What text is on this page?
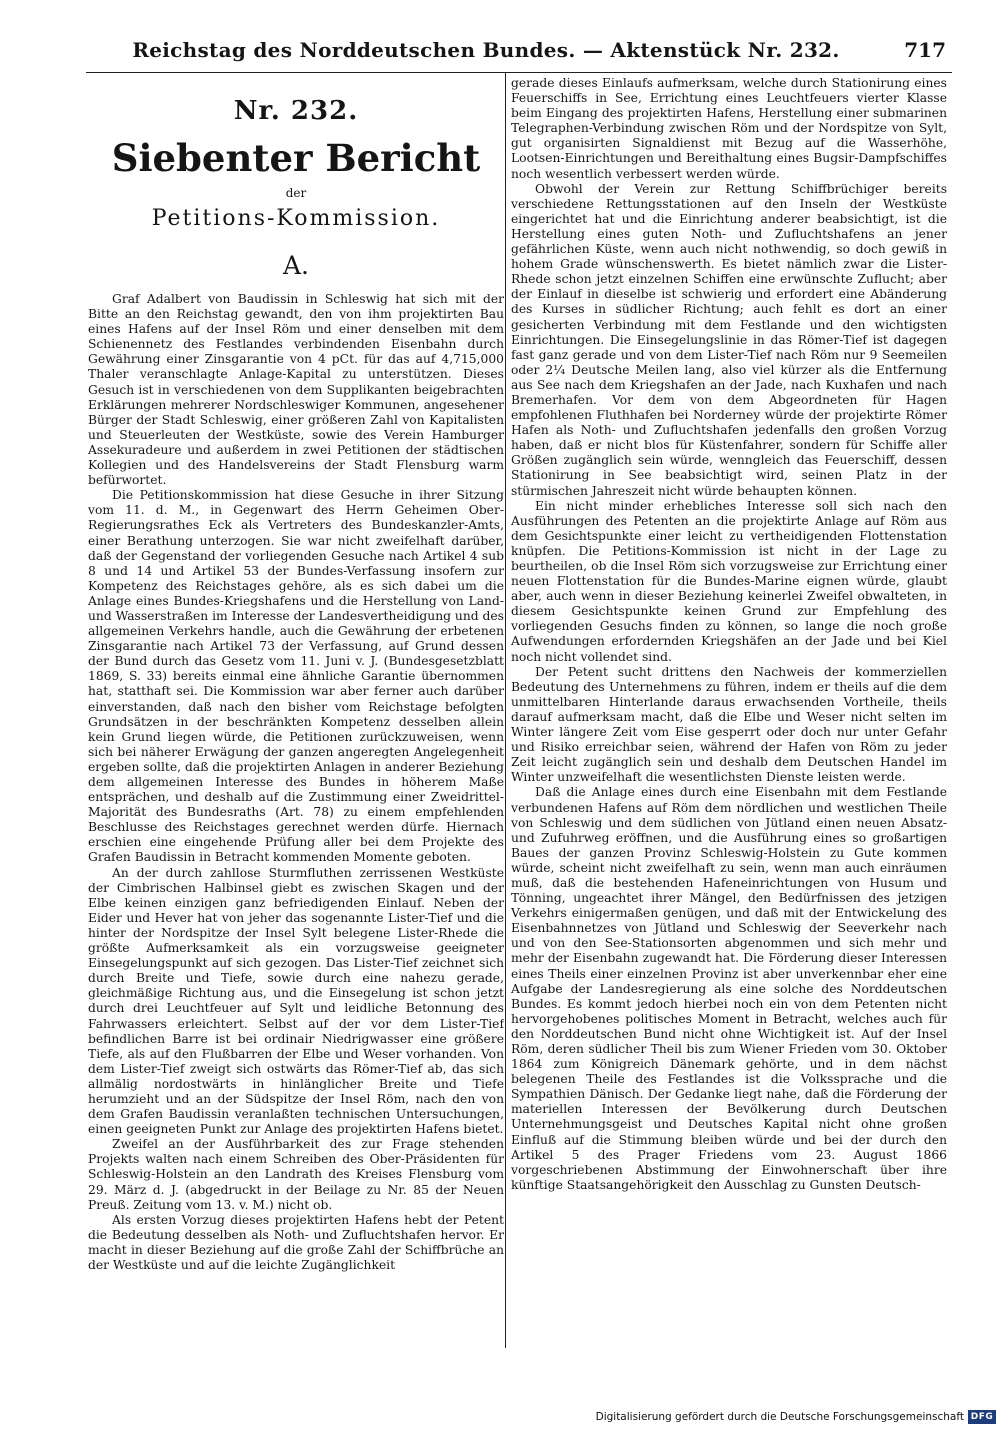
Reichstag des Norddeutschen Bundes. — Aktenstück Nr. 232.	717
Nr. 232.
Siebenter Bericht
der
Petitions-Kommission.
A.

Graf Adalbert von Baudissin in Schleswig hat sich mit der Bitte an den Reichstag gewandt, den von ihm projektirten Bau eines Hafens auf der Insel Röm und einer denselben mit dem Schienennetz des Festlandes verbindenden Eisenbahn durch Gewährung einer Zinsgarantie von 4 pCt. für das auf 4,715,000 Thaler veranschlagte Anlage-Kapital zu unterstützen. Dieses Gesuch ist in verschiedenen von dem Supplikanten beigebrachten Erklärungen mehrerer Nordschleswiger Kommunen, angesehener Bürger der Stadt Schleswig, einer größeren Zahl von Kapitalisten und Steuerleuten der Westküste, sowie des Verein Hamburger Assekuradeure und außerdem in zwei Petitionen der städtischen Kollegien und des Handelsvereins der Stadt Flensburg warm befürwortet.

Die Petitionskommission hat diese Gesuche in ihrer Sitzung vom 11. d. M., in Gegenwart des Herrn Geheimen Ober-Regierungsrathes Eck als Vertreters des Bundeskanzler-Amts, einer Berathung unterzogen. Sie war nicht zweifelhaft darüber, daß der Gegenstand der vorliegenden Gesuche nach Artikel 4 sub 8 und 14 und Artikel 53 der Bundes-Verfassung insofern zur Kompetenz des Reichstages gehöre, als es sich dabei um die Anlage eines Bundes-Kriegshafens und die Herstellung von Land- und Wasserstraßen im Interesse der Landesvertheidigung und des allgemeinen Verkehrs handle, auch die Gewährung der erbetenen Zinsgarantie nach Artikel 73 der Verfassung, auf Grund dessen der Bund durch das Gesetz vom 11. Juni v. J. (Bundesgesetzblatt 1869, S. 33) bereits einmal eine ähnliche Garantie übernommen hat, statthaft sei. Die Kommission war aber ferner auch darüber einverstanden, daß nach den bisher vom Reichstage befolgten Grundsätzen in der beschränkten Kompetenz desselben allein kein Grund liegen würde, die Petitionen zurückzuweisen, wenn sich bei näherer Erwägung der ganzen angeregten Angelegenheit ergeben sollte, daß die projektirten Anlagen in anderer Beziehung dem allgemeinen Interesse des Bundes in höherem Maße entsprächen, und deshalb auf die Zustimmung einer Zweidrittel-Majorität des Bundesraths (Art. 78) zu einem empfehlenden Beschlusse des Reichstages gerechnet werden dürfe. Hiernach erschien eine eingehende Prüfung aller bei dem Projekte des Grafen Baudissin in Betracht kommenden Momente geboten.

An der durch zahllose Sturmfluthen zerrissenen Westküste der Cimbrischen Halbinsel giebt es zwischen Skagen und der Elbe keinen einzigen ganz befriedigenden Einlauf. Neben der Eider und Hever hat von jeher das sogenannte Lister-Tief und die hinter der Nordspitze der Insel Sylt belegene Lister-Rhede die größte Aufmerksamkeit als ein vorzugsweise geeigneter Einsegelungspunkt auf sich gezogen. Das Lister-Tief zeichnet sich durch Breite und Tiefe, sowie durch eine nahezu gerade, gleichmäßige Richtung aus, und die Einsegelung ist schon jetzt durch drei Leuchtfeuer auf Sylt und leidliche Betonnung des Fahrwassers erleichtert. Selbst auf der vor dem Lister-Tief befindlichen Barre ist bei ordinair Niedrigwasser eine größere Tiefe, als auf den Flußbarren der Elbe und Weser vorhanden. Von dem Lister-Tief zweigt sich ostwärts das Römer-Tief ab, das sich allmälig nordostwärts in hinlänglicher Breite und Tiefe herumzieht und an der Südspitze der Insel Röm, nach den von dem Grafen Baudissin veranlaßten technischen Untersuchungen, einen geeigneten Punkt zur Anlage des projektirten Hafens bietet.

Zweifel an der Ausführbarkeit des zur Frage stehenden Projekts walten nach einem Schreiben des Ober-Präsidenten für Schleswig-Holstein an den Landrath des Kreises Flensburg vom 29. März d. J. (abgedruckt in der Beilage zu Nr. 85 der Neuen Preuß. Zeitung vom 13. v. M.) nicht ob.

Als ersten Vorzug dieses projektirten Hafens hebt der Petent die Bedeutung desselben als Noth- und Zufluchtshafen hervor. Er macht in dieser Beziehung auf die große Zahl der Schiffbrüche an der Westküste und auf die leichte Zugänglichkeit

gerade dieses Einlaufs aufmerksam, welche durch Stationirung eines Feuerschiffs in See, Errichtung eines Leuchtfeuers vierter Klasse beim Eingang des projektirten Hafens, Herstellung einer submarinen Telegraphen-Verbindung zwischen Röm und der Nordspitze von Sylt, gut organisirten Signaldienst mit Bezug auf die Wasserhöhe, Lootsen-Einrichtungen und Bereithaltung eines Bugsir-Dampfschiffes noch wesentlich verbessert werden würde.

Obwohl der Verein zur Rettung Schiffbrüchiger bereits verschiedene Rettungsstationen auf den Inseln der Westküste eingerichtet hat und die Einrichtung anderer beabsichtigt, ist die Herstellung eines guten Noth- und Zufluchtshafens an jener gefährlichen Küste, wenn auch nicht nothwendig, so doch gewiß in hohem Grade wünschenswerth. Es bietet nämlich zwar die Lister-Rhede schon jetzt einzelnen Schiffen eine erwünschte Zuflucht; aber der Einlauf in dieselbe ist schwierig und erfordert eine Abänderung des Kurses in südlicher Richtung; auch fehlt es dort an einer gesicherten Verbindung mit dem Festlande und den wichtigsten Einrichtungen. Die Einsegelungslinie in das Römer-Tief ist dagegen fast ganz gerade und von dem Lister-Tief nach Röm nur 9 Seemeilen oder 2¼ Deutsche Meilen lang, also viel kürzer als die Entfernung aus See nach dem Kriegshafen an der Jade, nach Kuxhafen und nach Bremerhafen. Vor dem von dem Abgeordneten für Hagen empfohlenen Fluthhafen bei Norderney würde der projektirte Römer Hafen als Noth- und Zufluchtshafen jedenfalls den großen Vorzug haben, daß er nicht blos für Küstenfahrer, sondern für Schiffe aller Größen zugänglich sein würde, wenngleich das Feuerschiff, dessen Stationirung in See beabsichtigt wird, seinen Platz in der stürmischen Jahreszeit nicht würde behaupten können.

Ein nicht minder erhebliches Interesse soll sich nach den Ausführungen des Petenten an die projektirte Anlage auf Röm aus dem Gesichtspunkte einer leicht zu vertheidigenden Flottenstation knüpfen. Die Petitions-Kommission ist nicht in der Lage zu beurtheilen, ob die Insel Röm sich vorzugsweise zur Errichtung einer neuen Flottenstation für die Bundes-Marine eignen würde, glaubt aber, auch wenn in dieser Beziehung keinerlei Zweifel obwalteten, in diesem Gesichtspunkte keinen Grund zur Empfehlung des vorliegenden Gesuchs finden zu können, so lange die noch große Aufwendungen erfordernden Kriegshäfen an der Jade und bei Kiel noch nicht vollendet sind.

Der Petent sucht drittens den Nachweis der kommerziellen Bedeutung des Unternehmens zu führen, indem er theils auf die dem unmittelbaren Hinterlande daraus erwachsenden Vortheile, theils darauf aufmerksam macht, daß die Elbe und Weser nicht selten im Winter längere Zeit vom Eise gesperrt oder doch nur unter Gefahr und Risiko erreichbar seien, während der Hafen von Röm zu jeder Zeit leicht zugänglich sein und deshalb dem Deutschen Handel im Winter unzweifelhaft die wesentlichsten Dienste leisten werde.

Daß die Anlage eines durch eine Eisenbahn mit dem Festlande verbundenen Hafens auf Röm dem nördlichen und westlichen Theile von Schleswig und dem südlichen von Jütland einen neuen Absatz- und Zufuhrweg eröffnen, und die Ausführung eines so großartigen Baues der ganzen Provinz Schleswig-Holstein zu Gute kommen würde, scheint nicht zweifelhaft zu sein, wenn man auch einräumen muß, daß die bestehenden Hafeneinrichtungen von Husum und Tönning, ungeachtet ihrer Mängel, den Bedürfnissen des jetzigen Verkehrs einigermaßen genügen, und daß mit der Entwickelung des Eisenbahnnetzes von Jütland und Schleswig der Seeverkehr nach und von den See-Stationsorten abgenommen und sich mehr und mehr der Eisenbahn zugewandt hat. Die Förderung dieser Interessen eines Theils einer einzelnen Provinz ist aber unverkennbar eher eine Aufgabe der Landesregierung als eine solche des Norddeutschen Bundes. Es kommt jedoch hierbei noch ein von dem Petenten nicht hervorgehobenes politisches Moment in Betracht, welches auch für den Norddeutschen Bund nicht ohne Wichtigkeit ist. Auf der Insel Röm, deren südlicher Theil bis zum Wiener Frieden vom 30. Oktober 1864 zum Königreich Dänemark gehörte, und in dem nächst belegenen Theile des Festlandes ist die Volkssprache und die Sympathien Dänisch. Der Gedanke liegt nahe, daß die Förderung der materiellen Interessen der Bevölkerung durch Deutschen Unternehmungsgeist und Deutsches Kapital nicht ohne großen Einfluß auf die Stimmung bleiben würde und bei der durch den Artikel 5 des Prager Friedens vom 23. August 1866 vorgeschriebenen Abstimmung der Einwohnerschaft über ihre künftige Staatsangehörigkeit den Ausschlag zu Gunsten Deutsch-

Digitalisierung gefördert durch die Deutsche Forschungsgemeinschaft DFG
